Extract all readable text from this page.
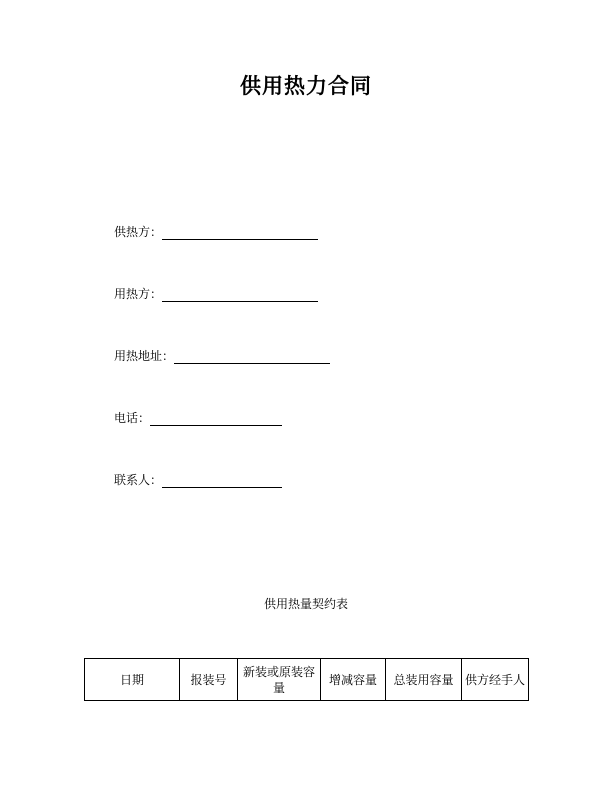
供用热力合同
供热方：
用热方：
用热地址：
电话：
联系人：
供用热量契约表
日期	报装号	新装或原装容量	增减容量	总装用容量	供方经手人
